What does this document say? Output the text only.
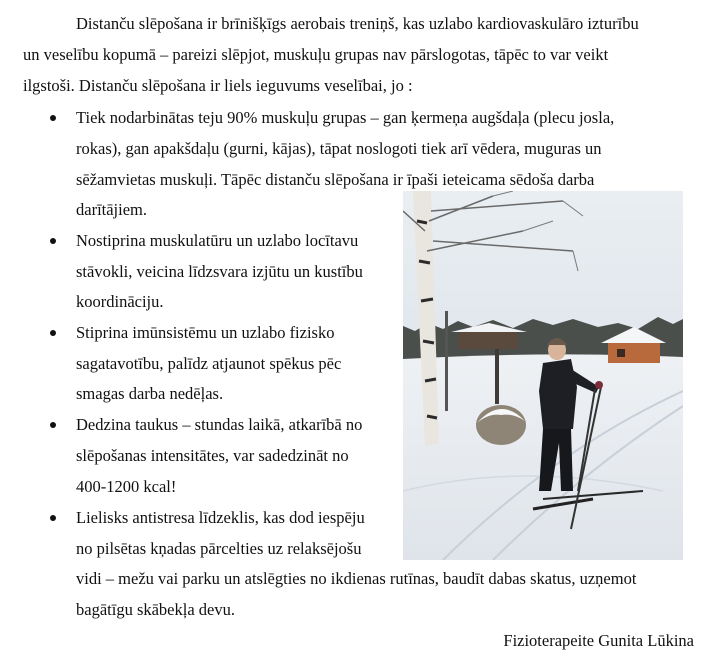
Distanču slēpošana ir brīnišķīgs aerobais treniņš, kas uzlabo kardiovaskulāro izturību
un veselību kopumā – pareizi slēpjot, muskuļu grupas nav pārslogotas, tāpēc to var veikt
ilgstoši. Distanču slēpošana ir liels ieguvums veselībai, jo :
Tiek nodarbinātas teju 90% muskuļu grupas – gan ķermeņa augšdaļa (plecu josla,
rokas), gan apakšdaļu (gurni, kājas), tāpat noslogoti tiek arī vēdera, muguras un
sēžamvietas muskuļi. Tāpēc distanču slēpošana ir īpaši ieteicama sēdoša darba
darītājiem.
Nostiprina muskulatūru un uzlabo locītavu
stāvokli, veicina līdzsvara izjūtu un kustību
koordināciju.
Stiprina imūnsistēmu un uzlabo fizisko
sagatavotību, palīdz atjaunot spēkus pēc
smagas darba nedēļas.
Dedzina taukus – stundas laikā, atkarībā no
slēpošanas intensitātes, var sadedzināt no
400-1200 kcal!
Lielisks antistresa līdzeklis, kas dod iespēju
no pilsētas kņadas pārcelties uz relaksējošu
vidi – mežu vai parku un atslēgties no ikdienas rutīnas, baudīt dabas skatus, uzņemot
bagātīgu skābekļa devu.
Fizioterapeite Gunita Lūkina
